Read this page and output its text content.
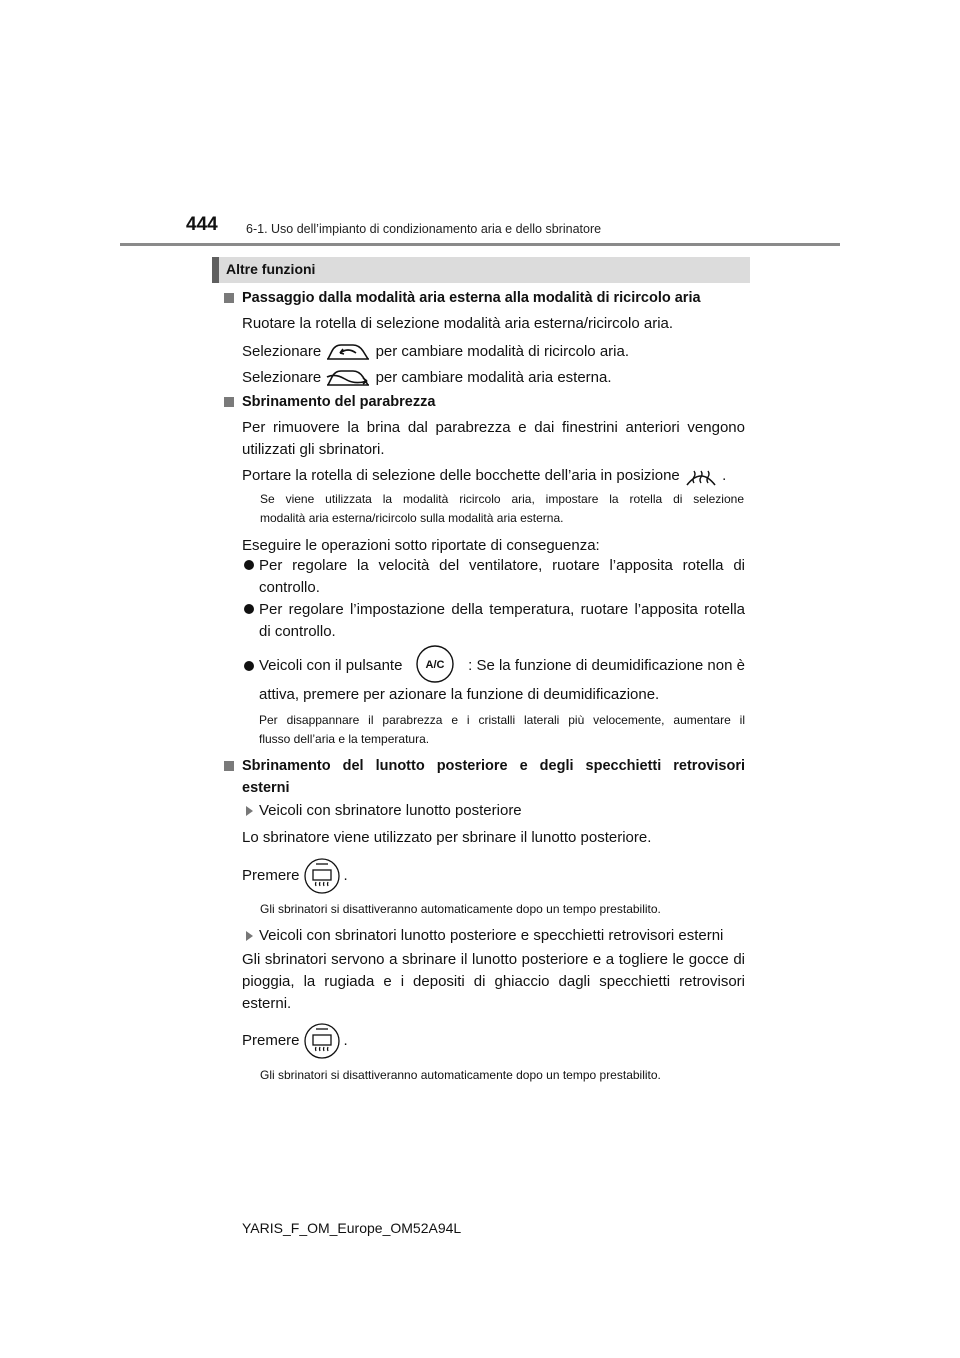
444 6-1. Uso dell’impianto di condizionamento aria e dello sbrinatore
Altre funzioni
Passaggio dalla modalità aria esterna alla modalità di ricircolo aria
Ruotare la rotella di selezione modalità aria esterna/ricircolo aria.
Selezionare	per cambiare modalità di ricircolo aria.
Selezionare	per cambiare modalità aria esterna.
Sbrinamento del parabrezza
Per rimuovere la brina dal parabrezza e dai finestrini anteriori vengono
utilizzati gli sbrinatori.
Portare la rotella di selezione delle bocchette dell’aria in posizione	.
Se viene utilizzata la modalità ricircolo aria, impostare la rotella di selezione
modalità aria esterna/ricircolo sulla modalità aria esterna.
Eseguire le operazioni sotto riportate di conseguenza:
Per regolare la velocità del ventilatore, ruotare l’apposita rotella di
controllo.
Per regolare l’impostazione della temperatura, ruotare l’apposita rotella
di controllo.
Veicoli con il pulsante A/C : Se la funzione di deumidificazione non è
attiva, premere per azionare la funzione di deumidificazione.
Per disappannare il parabrezza e i cristalli laterali più velocemente, aumentare il
flusso dell’aria e la temperatura.
Sbrinamento del lunotto posteriore e degli specchietti retrovisori
esterni
Veicoli con sbrinatore lunotto posteriore
Lo sbrinatore viene utilizzato per sbrinare il lunotto posteriore.
Premere	.
Gli sbrinatori si disattiveranno automaticamente dopo un tempo prestabilito.
Veicoli con sbrinatori lunotto posteriore e specchietti retrovisori esterni
Gli sbrinatori servono a sbrinare il lunotto posteriore e a togliere le gocce di
pioggia, la rugiada e i depositi di ghiaccio dagli specchietti retrovisori
esterni.
Premere	.
Gli sbrinatori si disattiveranno automaticamente dopo un tempo prestabilito.
YARIS_F_OM_Europe_OM52A94L
